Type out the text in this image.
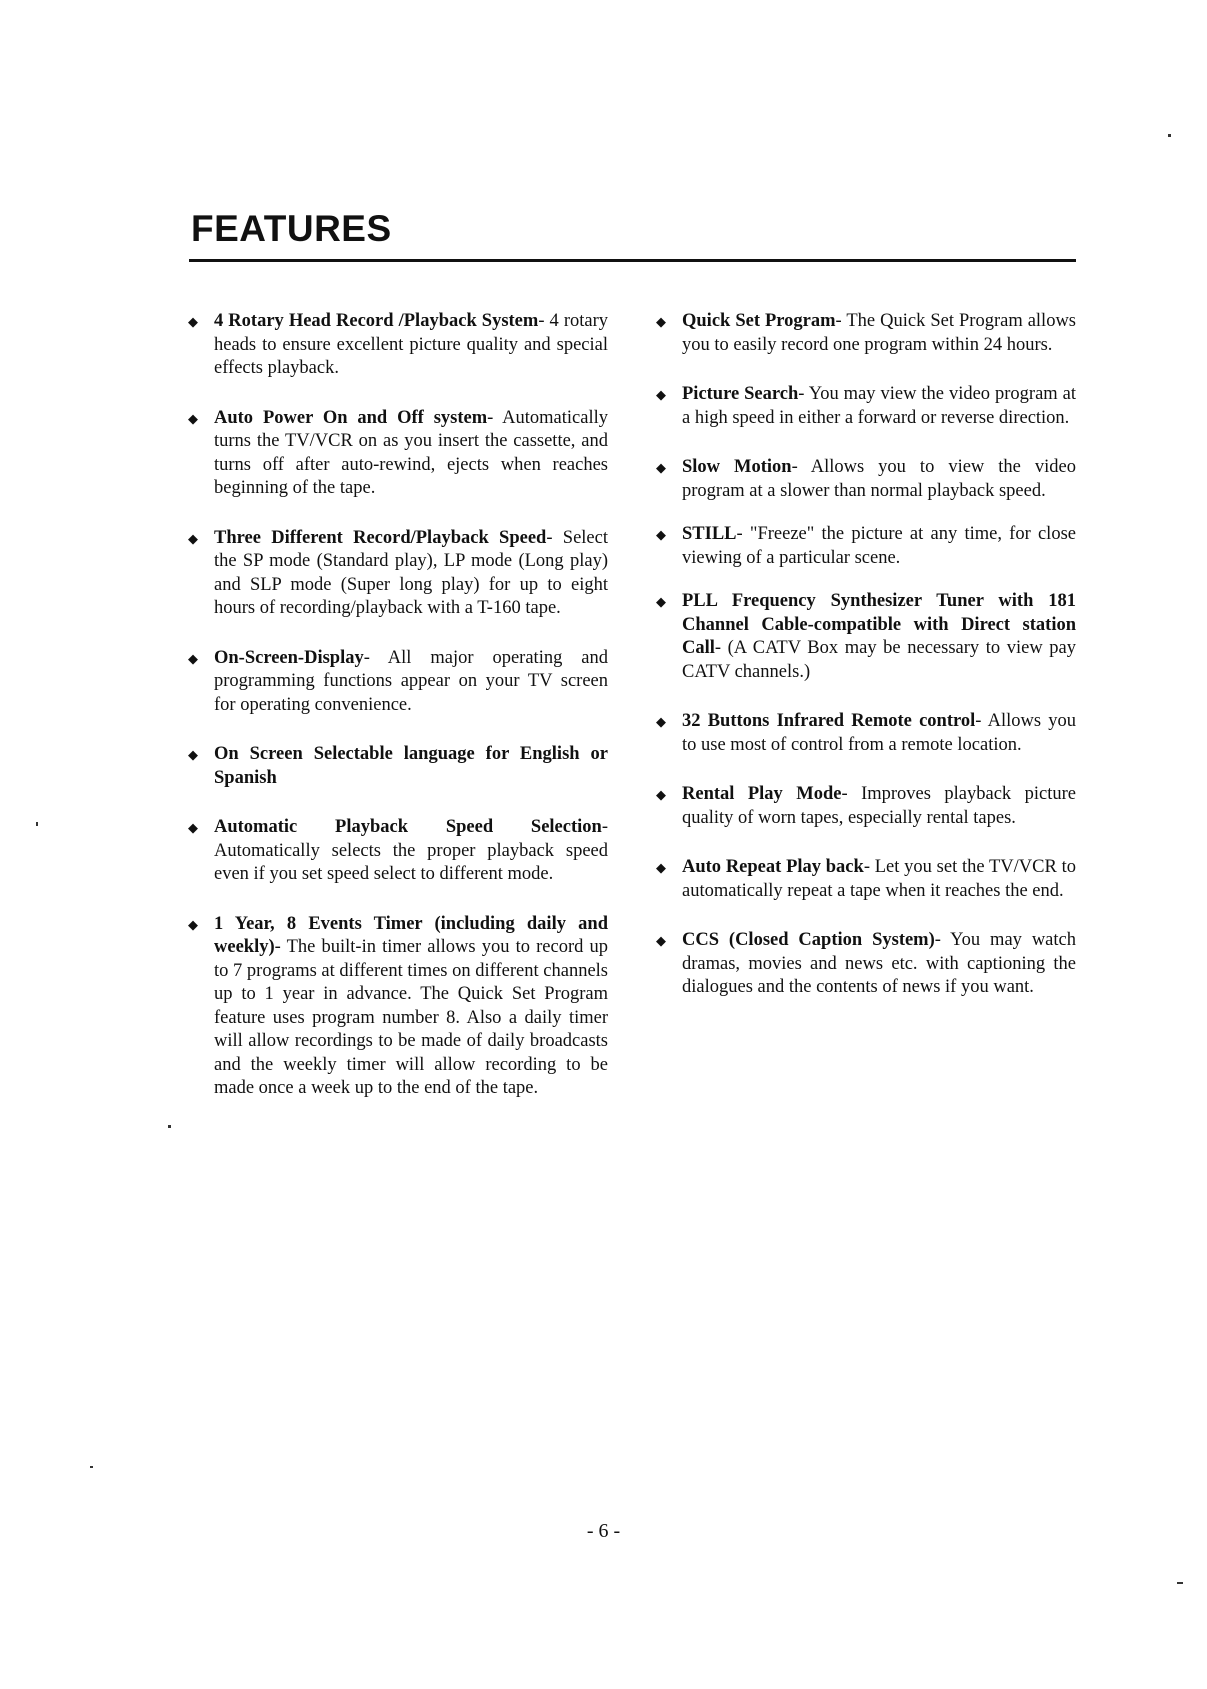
FEATURES

◆ 4 Rotary Head Record /Playback System- 4 rotary heads to ensure excellent picture quality and special effects playback.

◆ Auto Power On and Off system- Automatically turns the TV/VCR on as you insert the cassette, and turns off after auto-rewind, ejects when reaches beginning of the tape.

◆ Three Different Record/Playback Speed- Select the SP mode (Standard play), LP mode (Long play) and SLP mode (Super long play) for up to eight hours of recording/playback with a T-160 tape.

◆ On-Screen-Display- All major operating and programming functions appear on your TV screen for operating convenience.

◆ On Screen Selectable language for English or Spanish

◆ Automatic Playback Speed Selection- Automatically selects the proper playback speed even if you set speed select to different mode.

◆ 1 Year, 8 Events Timer (including daily and weekly)- The built-in timer allows you to record up to 7 programs at different times on different channels up to 1 year in advance. The Quick Set Program feature uses program number 8. Also a daily timer will allow recordings to be made of daily broadcasts and the weekly timer will allow recording to be made once a week up to the end of the tape.

◆ Quick Set Program- The Quick Set Program allows you to easily record one program within 24 hours.

◆ Picture Search- You may view the video program at a high speed in either a forward or reverse direction.

◆ Slow Motion- Allows you to view the video program at a slower than normal playback speed.

◆ STILL- "Freeze" the picture at any time, for close viewing of a particular scene.

◆ PLL Frequency Synthesizer Tuner with 181 Channel Cable-compatible with Direct station Call- (A CATV Box may be necessary to view pay CATV channels.)

◆ 32 Buttons Infrared Remote control- Allows you to use most of control from a remote location.

◆ Rental Play Mode- Improves playback picture quality of worn tapes, especially rental tapes.

◆ Auto Repeat Play back- Let you set the TV/VCR to automatically repeat a tape when it reaches the end.

◆ CCS (Closed Caption System)- You may watch dramas, movies and news etc. with captioning the dialogues and the contents of news if you want.

- 6 -
